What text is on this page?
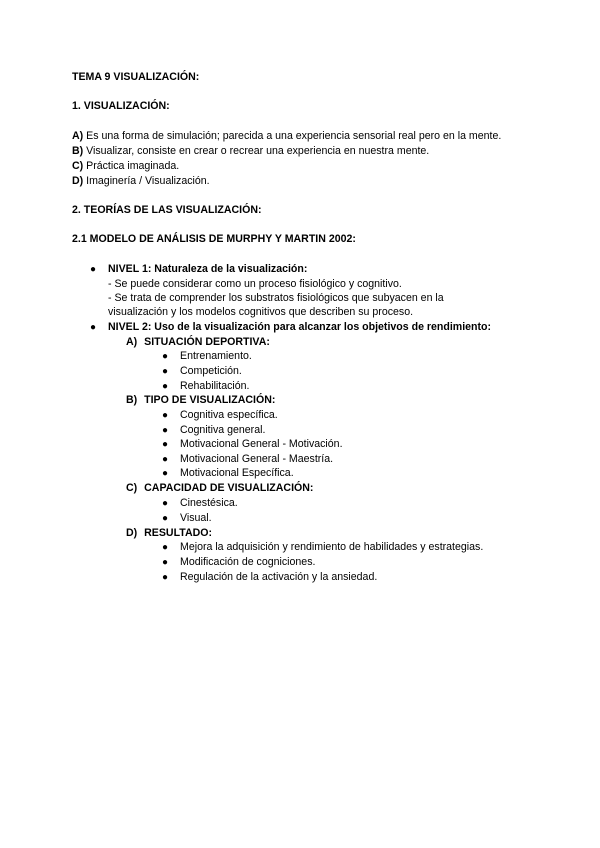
TEMA 9 VISUALIZACIÓN:
1. VISUALIZACIÓN:
A) Es una forma de simulación; parecida a una experiencia sensorial real pero en la mente.
B) Visualizar, consiste en crear o recrear una experiencia en nuestra mente.
C) Práctica imaginada.
D) Imaginería / Visualización.
2. TEORÍAS DE LAS VISUALIZACIÓN:
2.1 MODELO DE ANÁLISIS DE MURPHY Y MARTIN 2002:
● NIVEL 1: Naturaleza de la visualización:
- Se puede considerar como un proceso fisiológico y cognitivo.
- Se trata de comprender los substratos fisiológicos que subyacen en la
visualización y los modelos cognitivos que describen su proceso.
● NIVEL 2: Uso de la visualización para alcanzar los objetivos de rendimiento:
A) SITUACIÓN DEPORTIVA:
● Entrenamiento.
● Competición.
● Rehabilitación.
B) TIPO DE VISUALIZACIÓN:
● Cognitiva específica.
● Cognitiva general.
● Motivacional General - Motivación.
● Motivacional General - Maestría.
● Motivacional Específica.
C) CAPACIDAD DE VISUALIZACIÓN:
● Cinestésica.
● Visual.
D) RESULTADO:
● Mejora la adquisición y rendimiento de habilidades y estrategias.
● Modificación de cogniciones.
● Regulación de la activación y la ansiedad.
